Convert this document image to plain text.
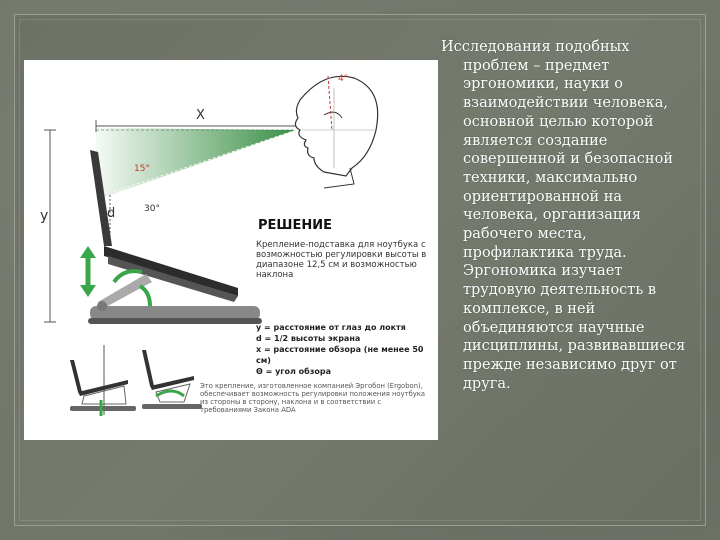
X
y	d
4°
15°
30°
РЕШЕНИЕ
Крепление-подставка для ноутбука с возможностью регулировки высоты в диапазоне 12,5 см и возможностью наклона
y = расстояние от глаз до локтя
d = 1/2 высоты экрана
x = расстояние обзора (не менее 50 см)
Θ = угол обзора
Это крепление, изготовленное компанией Эргобон (Ergobon), обеспечивает возможность регулировки положения ноутбука из стороны в сторону, наклона и в соответствии с требованиями Закона ADA

Исследования подобных проблем – предмет эргономики, науки о взаимодействии человека, основной целью которой является создание совершенной и безопасной техники, максимально ориентированной на человека, организация рабочего места, профилактика труда. Эргономика изучает трудовую деятельность в комплексе, в ней объединяются научные дисциплины, развивавшиеся прежде независимо друг от друга.
